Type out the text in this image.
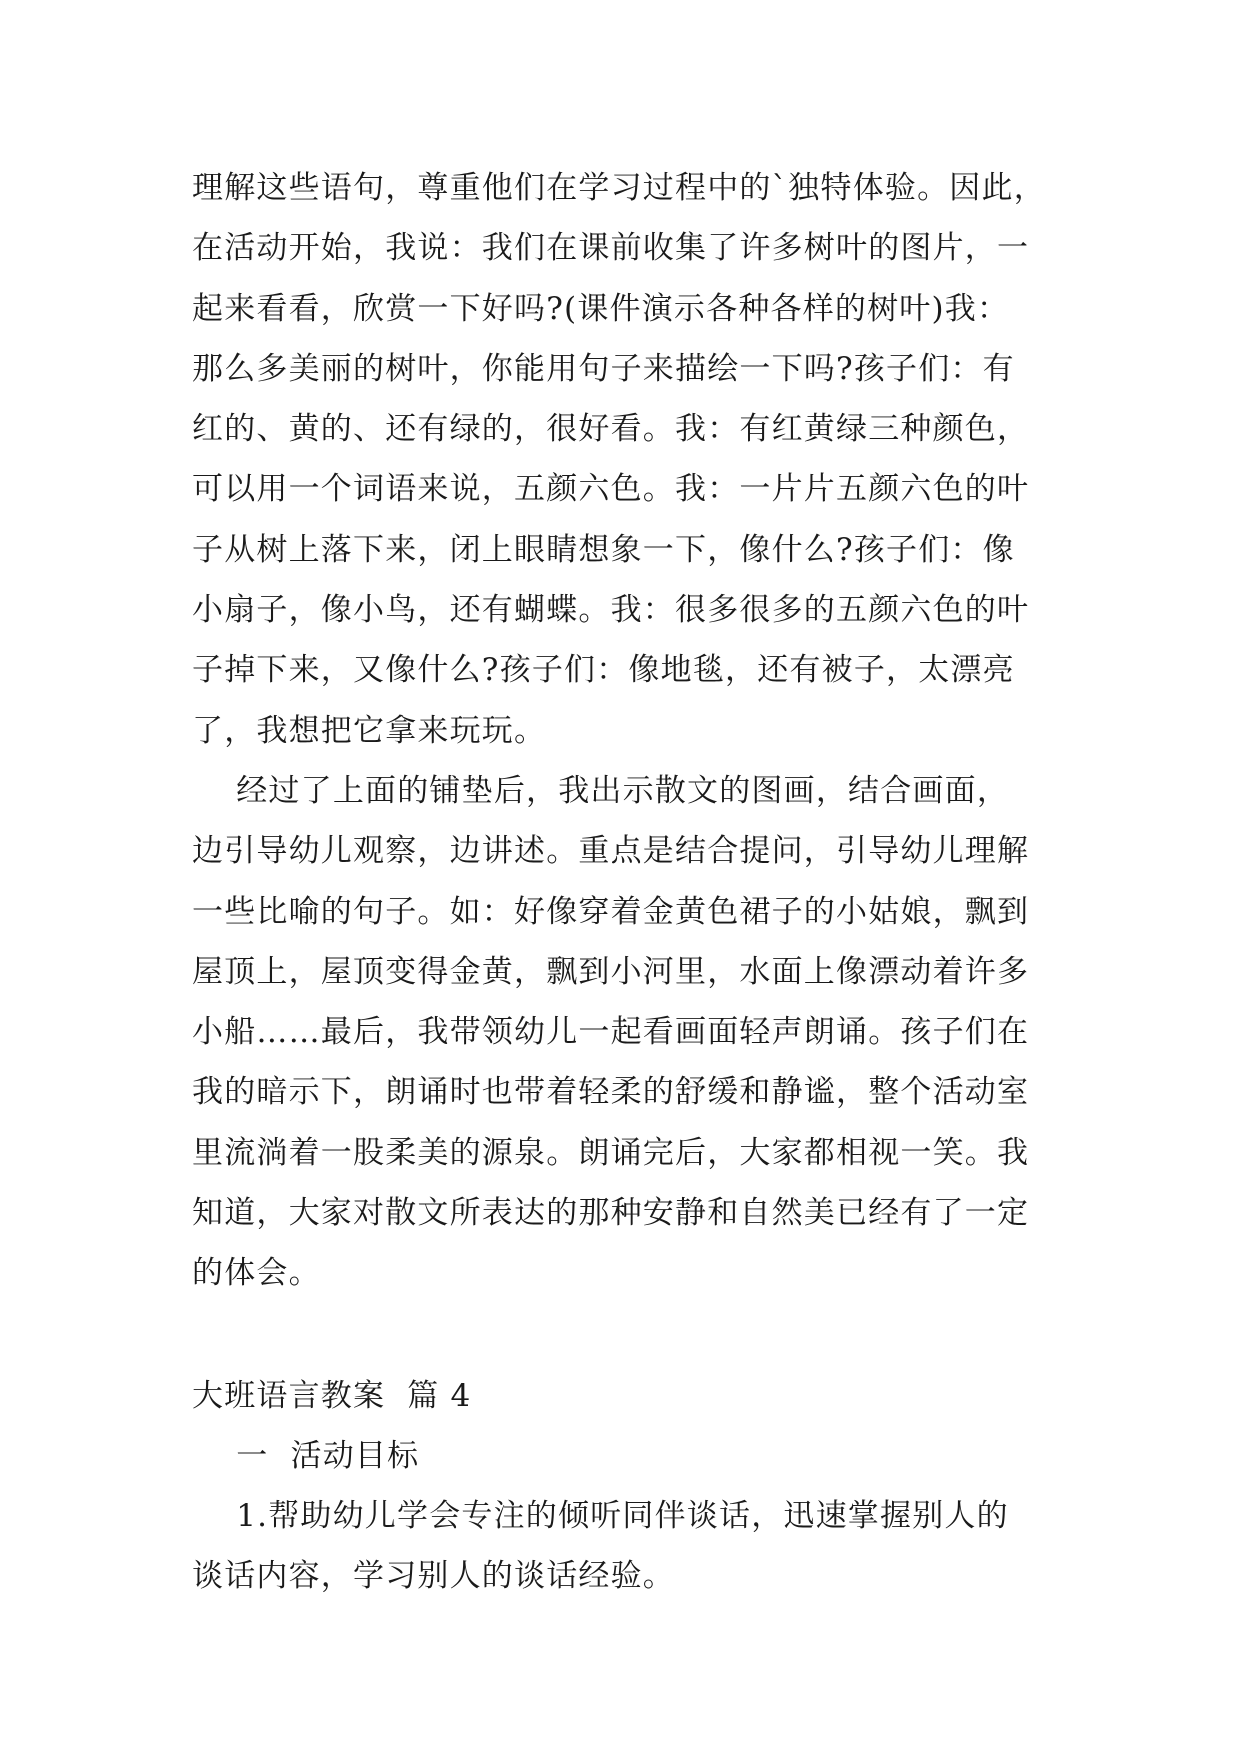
理解这些语句，尊重他们在学习过程中的`独特体验。因此，
在活动开始，我说：我们在课前收集了许多树叶的图片，一
起来看看，欣赏一下好吗?(课件演示各种各样的树叶)我：
那么多美丽的树叶，你能用句子来描绘一下吗?孩子们：有
红的、黄的、还有绿的，很好看。我：有红黄绿三种颜色，
可以用一个词语来说，五颜六色。我：一片片五颜六色的叶
子从树上落下来，闭上眼睛想象一下，像什么?孩子们：像
小扇子，像小鸟，还有蝴蝶。我：很多很多的五颜六色的叶
子掉下来，又像什么?孩子们：像地毯，还有被子，太漂亮
了，我想把它拿来玩玩。
经过了上面的铺垫后，我出示散文的图画，结合画面，
边引导幼儿观察，边讲述。重点是结合提问，引导幼儿理解
一些比喻的句子。如：好像穿着金黄色裙子的小姑娘，飘到
屋顶上，屋顶变得金黄，飘到小河里，水面上像漂动着许多
小船……最后，我带领幼儿一起看画面轻声朗诵。孩子们在
我的暗示下，朗诵时也带着轻柔的舒缓和静谧，整个活动室
里流淌着一股柔美的源泉。朗诵完后，大家都相视一笑。我
知道，大家对散文所表达的那种安静和自然美已经有了一定
的体会。
大班语言教案  篇 4
一  活动目标
1.帮助幼儿学会专注的倾听同伴谈话，迅速掌握别人的
谈话内容，学习别人的谈话经验。
